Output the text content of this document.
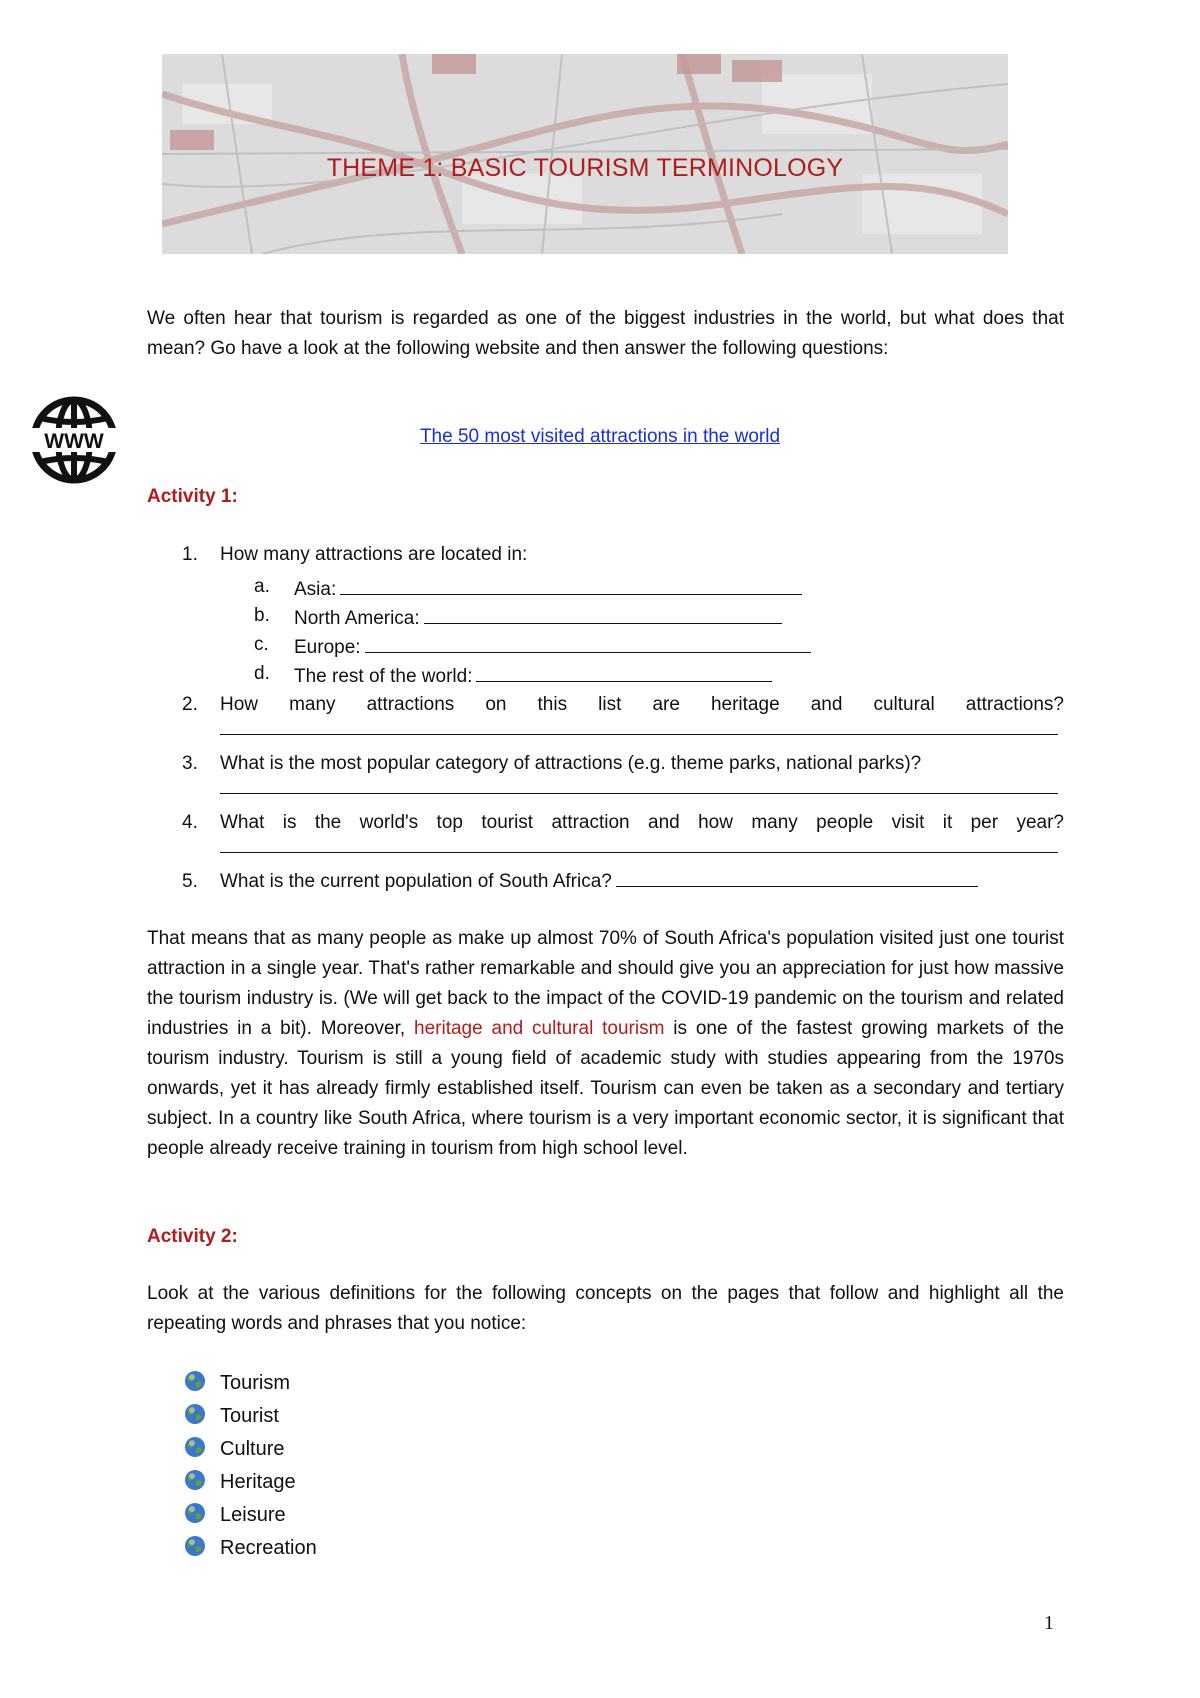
THEME 1: BASIC TOURISM TERMINOLOGY

We often hear that tourism is regarded as one of the biggest industries in the world, but what does that mean? Go have a look at the following website and then answer the following questions:

WWW	The 50 most visited attractions in the world
Activity 1:
1. How many attractions are located in:
a. Asia:
b. North America:
c. Europe:
d. The rest of the world:
2. How many attractions on this list are heritage and cultural attractions?
3. What is the most popular category of attractions (e.g. theme parks, national parks)?
4. What is the world's top tourist attraction and how many people visit it per year?
5. What is the current population of South Africa?

That means that as many people as make up almost 70% of South Africa's population visited just one tourist attraction in a single year. That's rather remarkable and should give you an appreciation for just how massive the tourism industry is. (We will get back to the impact of the COVID-19 pandemic on the tourism and related industries in a bit). Moreover, heritage and cultural tourism is one of the fastest growing markets of the tourism industry. Tourism is still a young field of academic study with studies appearing from the 1970s onwards, yet it has already firmly established itself. Tourism can even be taken as a secondary and tertiary subject. In a country like South Africa, where tourism is a very important economic sector, it is significant that people already receive training in tourism from high school level.

Activity 2:

Look at the various definitions for the following concepts on the pages that follow and highlight all the repeating words and phrases that you notice:

Tourism
Tourist
Culture
Heritage
Leisure
Recreation
1
